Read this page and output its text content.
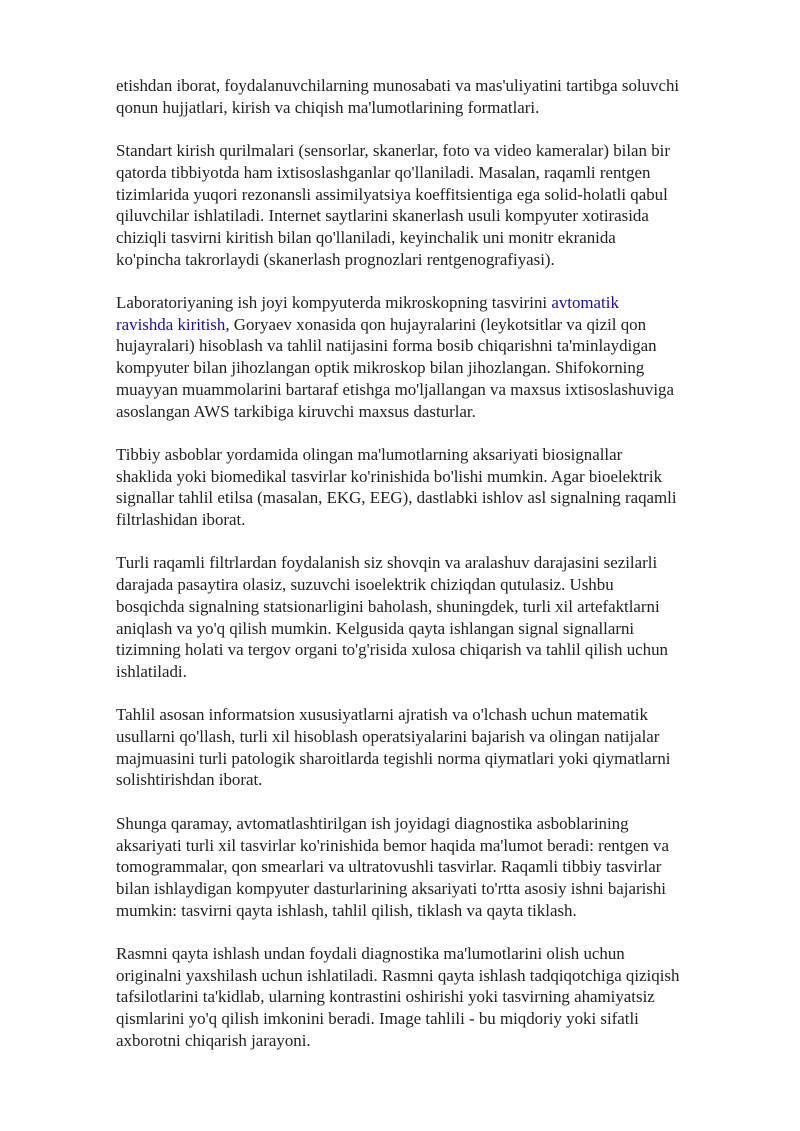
etishdan iborat, foydalanuvchilarning munosabati va mas'uliyatini tartibga soluvchi
qonun hujjatlari, kirish va chiqish ma'lumotlarining formatlari.

Standart kirish qurilmalari (sensorlar, skanerlar, foto va video kameralar) bilan bir
qatorda tibbiyotda ham ixtisoslashganlar qo'llaniladi. Masalan, raqamli rentgen
tizimlarida yuqori rezonansli assimilyatsiya koeffitsientiga ega solid-holatli qabul
qiluvchilar ishlatiladi. Internet saytlarini skanerlash usuli kompyuter xotirasida
chiziqli tasvirni kiritish bilan qo'llaniladi, keyinchalik uni monitr ekranida
ko'pincha takrorlaydi (skanerlash prognozlari rentgenografiyasi).

Laboratoriyaning ish joyi kompyuterda mikroskopning tasvirini avtomatik
ravishda kiritish, Goryaev xonasida qon hujayralarini (leykotsitlar va qizil qon
hujayralari) hisoblash va tahlil natijasini forma bosib chiqarishni ta'minlaydigan
kompyuter bilan jihozlangan optik mikroskop bilan jihozlangan. Shifokorning
muayyan muammolarini bartaraf etishga mo'ljallangan va maxsus ixtisoslashuviga
asoslangan AWS tarkibiga kiruvchi maxsus dasturlar.

Tibbiy asboblar yordamida olingan ma'lumotlarning aksariyati biosignallar
shaklida yoki biomedikal tasvirlar ko'rinishida bo'lishi mumkin. Agar bioelektrik
signallar tahlil etilsa (masalan, EKG, EEG), dastlabki ishlov asl signalning raqamli
filtrlashidan iborat.

Turli raqamli filtrlardan foydalanish siz shovqin va aralashuv darajasini sezilarli
darajada pasaytira olasiz, suzuvchi isoelektrik chiziqdan qutulasiz. Ushbu
bosqichda signalning statsionarligini baholash, shuningdek, turli xil artefaktlarni
aniqlash va yo'q qilish mumkin. Kelgusida qayta ishlangan signal signallarni
tizimning holati va tergov organi to'g'risida xulosa chiqarish va tahlil qilish uchun
ishlatiladi.

Tahlil asosan informatsion xususiyatlarni ajratish va o'lchash uchun matematik
usullarni qo'llash, turli xil hisoblash operatsiyalarini bajarish va olingan natijalar
majmuasini turli patologik sharoitlarda tegishli norma qiymatlari yoki qiymatlarni
solishtirishdan iborat.

Shunga qaramay, avtomatlashtirilgan ish joyidagi diagnostika asboblarining
aksariyati turli xil tasvirlar ko'rinishida bemor haqida ma'lumot beradi: rentgen va
tomogrammalar, qon smearlari va ultratovushli tasvirlar. Raqamli tibbiy tasvirlar
bilan ishlaydigan kompyuter dasturlarining aksariyati to'rtta asosiy ishni bajarishi
mumkin: tasvirni qayta ishlash, tahlil qilish, tiklash va qayta tiklash.

Rasmni qayta ishlash undan foydali diagnostika ma'lumotlarini olish uchun
originalni yaxshilash uchun ishlatiladi. Rasmni qayta ishlash tadqiqotchiga qiziqish
tafsilotlarini ta'kidlab, ularning kontrastini oshirishi yoki tasvirning ahamiyatsiz
qismlarini yo'q qilish imkonini beradi. Image tahlili - bu miqdoriy yoki sifatli
axborotni chiqarish jarayoni.
